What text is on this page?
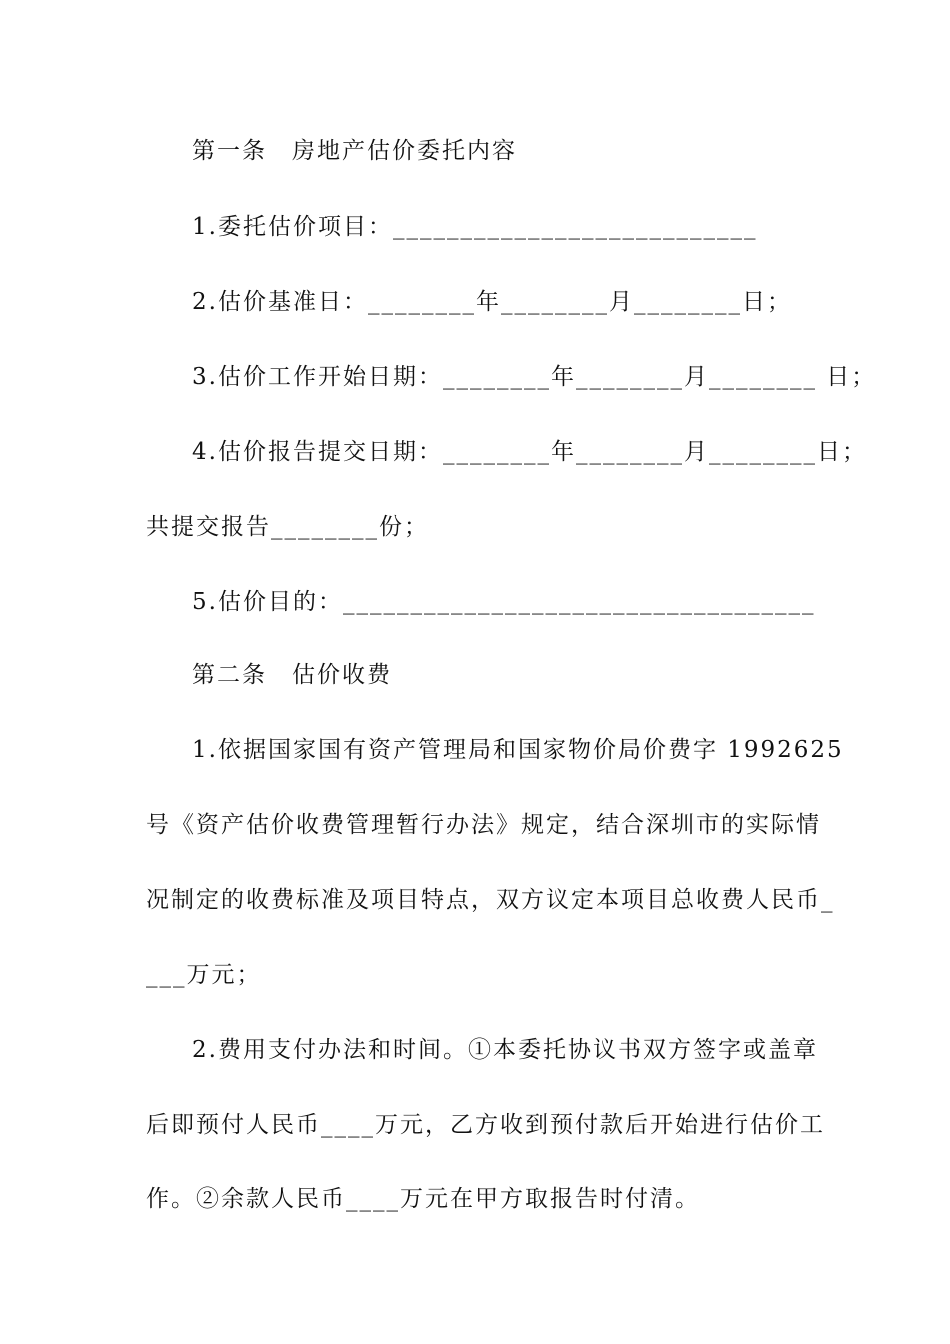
第一条　房地产估价委托内容
1.委托估价项目：___________________________
2.估价基准日：________年________月________日；
3.估价工作开始日期：________年________月________ 日；
4.估价报告提交日期：________年________月________日；
共提交报告________份；
5.估价目的：___________________________________
第二条　估价收费
1.依据国家国有资产管理局和国家物价局价费字 1992625
号《资产估价收费管理暂行办法》规定，结合深圳市的实际情
况制定的收费标准及项目特点，双方议定本项目总收费人民币_
___万元；
2.费用支付办法和时间。①本委托协议书双方签字或盖章
后即预付人民币____万元，乙方收到预付款后开始进行估价工
作。②余款人民币____万元在甲方取报告时付清。
